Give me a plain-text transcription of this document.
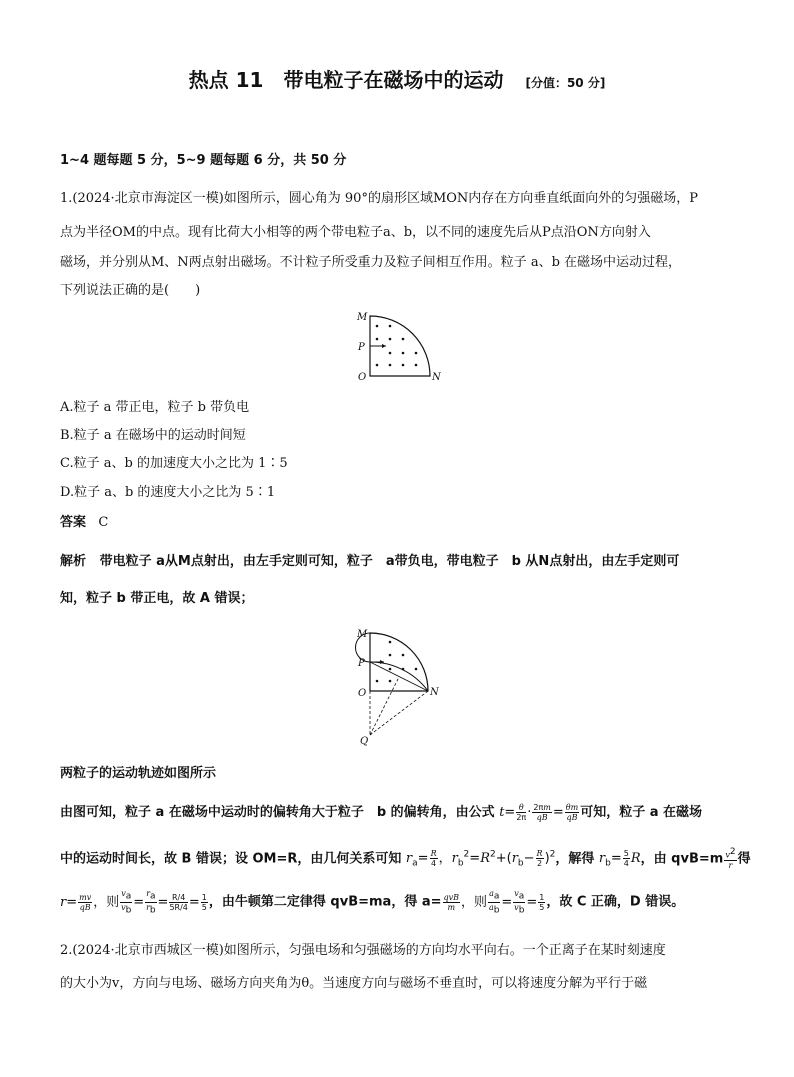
热点 11　带电粒子在磁场中的运动 [分值：50 分]
1~4 题每题 5 分，5~9 题每题 6 分，共 50 分
1.(2024·北京市海淀区一模)如图所示，圆心角为 90°的扇形区域MON内存在方向垂直纸面向外的匀强磁场，P
点为半径OM的中点。现有比荷大小相等的两个带电粒子a、b，以不同的速度先后从P点沿ON方向射入
磁场，并分别从M、N两点射出磁场。不计粒子所受重力及粒子间相互作用。粒子 a、b 在磁场中运动过程，
下列说法正确的是(　　)
M
P
O	N
A.粒子 a 带正电，粒子 b 带负电
B.粒子 a 在磁场中的运动时间短
C.粒子 a、b 的加速度大小之比为 1∶5
D.粒子 a、b 的速度大小之比为 5∶1
答案 C
解析 带电粒子 a从M点射出，由左手定则可知，粒子　a带负电，带电粒子　b 从N点射出，由左手定则可
知，粒子 b 带正电，故 A 错误；
M
P
O	N
Q
两粒子的运动轨迹如图所示
由图可知，粒子 a 在磁场中运动时的偏转角大于粒子　b 的偏转角，由公式 $t= \frac{\theta}{2\pi} \cdot \frac{2\pi m}{qB} = \frac{\theta m}{qB}$ 可知，粒子 a 在磁场
中的运动时间长，故 B 错误；设 OM=R，由几何关系可知 $r_a= \frac{R}{4}$ ，$r_b^2=R^2+(r_b- \frac{R}{2} )^2$，解得 $r_b= \frac{5}{4}$ R，由 $qvB=m \frac{v^2}{r}$ 得
$r= \frac{mv}{qB}$ ，则 $\frac{v_a}{v_b} = \frac{r_a}{r_b} = \frac{R/4}{5R/4} = \frac{1}{5}$ ，由牛顿第二定律得 qvB=ma，得 $a= \frac{\text{qvB}}{m}$ ，则 $\frac{a_a}{a_b} = \frac{v_a}{v_b} = \frac{1}{5}$ ，故 C 正确，D 错误。
2.(2024·北京市西城区一模)如图所示，匀强电场和匀强磁场的方向均水平向右。一个正离子在某时刻速度
的大小为v，方向与电场、磁场方向夹角为θ。当速度方向与磁场不垂直时，可以将速度分解为平行于磁
